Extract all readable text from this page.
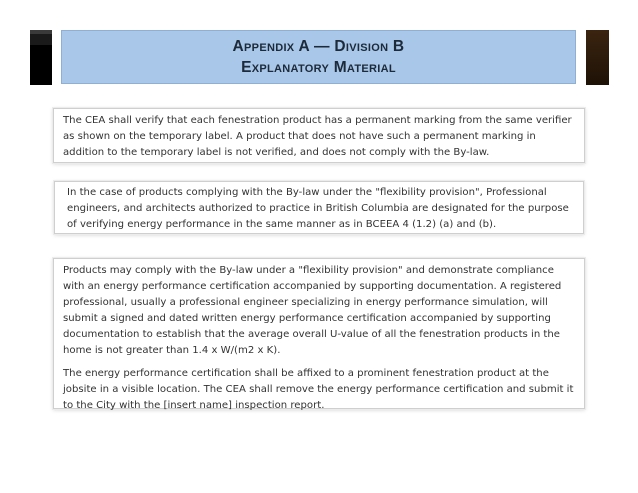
Appendix A — Division B
Explanatory Material

The CEA shall verify that each fenestration product has a permanent marking from the same verifier as shown on the temporary label. A product that does not have such a permanent marking in addition to the temporary label is not verified, and does not comply with the By-law.

In the case of products complying with the By-law under the "flexibility provision", Professional engineers, and architects authorized to practice in British Columbia are designated for the purpose of verifying energy performance in the same manner as in BCEEA 4 (1.2) (a) and (b).

Products may comply with the By-law under a "flexibility provision" and demonstrate compliance with an energy performance certification accompanied by supporting documentation. A registered professional, usually a professional engineer specializing in energy performance simulation, will submit a signed and dated written energy performance certification accompanied by supporting documentation to establish that the average overall U-value of all the fenestration products in the home is not greater than 1.4 x W/(m2 x K).

The energy performance certification shall be affixed to a prominent fenestration product at the jobsite in a visible location. The CEA shall remove the energy performance certification and submit it to the City with the [insert name] inspection report.
